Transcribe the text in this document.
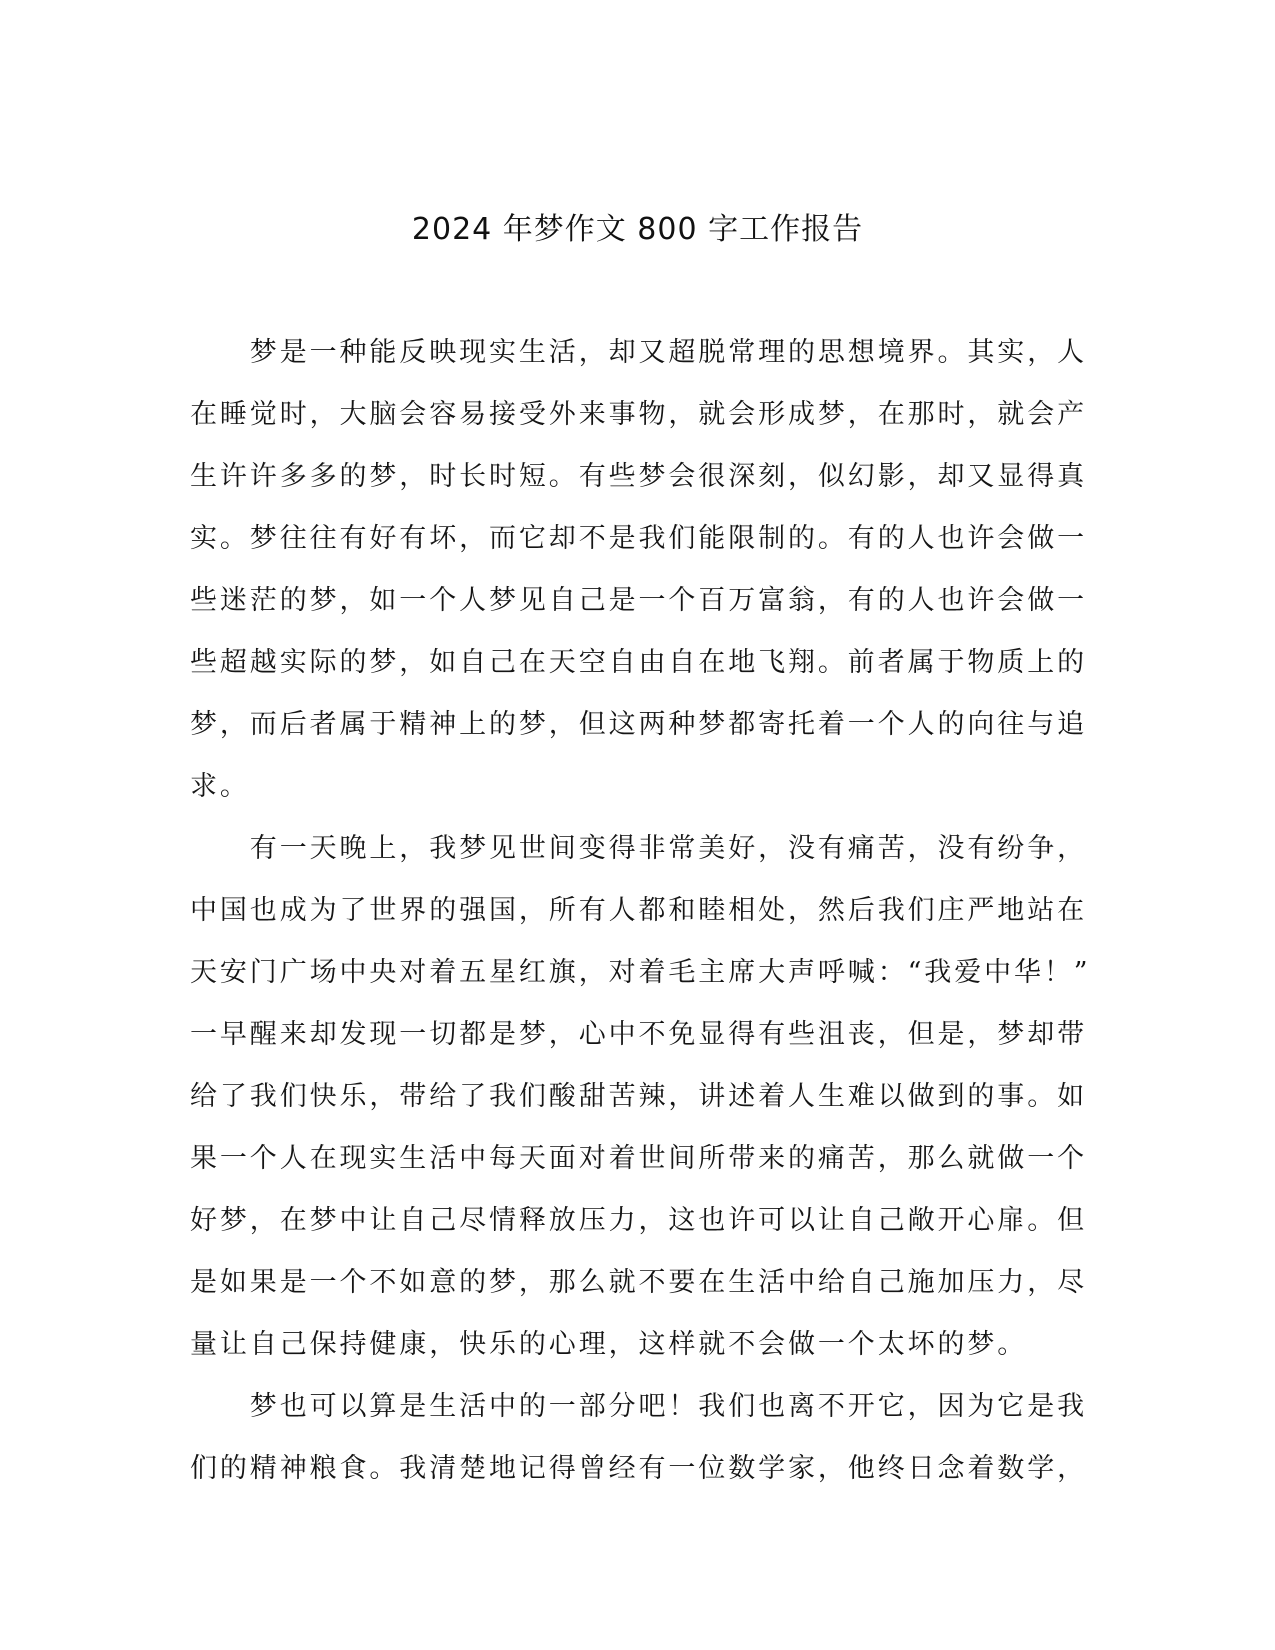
2024 年梦作文 800 字工作报告
　　梦是一种能反映现实生活，却又超脱常理的思想境界。其实，人
在睡觉时，大脑会容易接受外来事物，就会形成梦，在那时，就会产
生许许多多的梦，时长时短。有些梦会很深刻，似幻影，却又显得真
实。梦往往有好有坏，而它却不是我们能限制的。有的人也许会做一
些迷茫的梦，如一个人梦见自己是一个百万富翁，有的人也许会做一
些超越实际的梦，如自己在天空自由自在地飞翔。前者属于物质上的
梦，而后者属于精神上的梦，但这两种梦都寄托着一个人的向往与追
求。
　　有一天晚上，我梦见世间变得非常美好，没有痛苦，没有纷争，
中国也成为了世界的强国，所有人都和睦相处，然后我们庄严地站在
天安门广场中央对着五星红旗，对着毛主席大声呼喊：“我爱中华！”
一早醒来却发现一切都是梦，心中不免显得有些沮丧，但是，梦却带
给了我们快乐，带给了我们酸甜苦辣，讲述着人生难以做到的事。如
果一个人在现实生活中每天面对着世间所带来的痛苦，那么就做一个
好梦，在梦中让自己尽情释放压力，这也许可以让自己敞开心扉。但
是如果是一个不如意的梦，那么就不要在生活中给自己施加压力，尽
量让自己保持健康，快乐的心理，这样就不会做一个太坏的梦。
　　梦也可以算是生活中的一部分吧！我们也离不开它，因为它是我
们的精神粮食。我清楚地记得曾经有一位数学家，他终日念着数学，
